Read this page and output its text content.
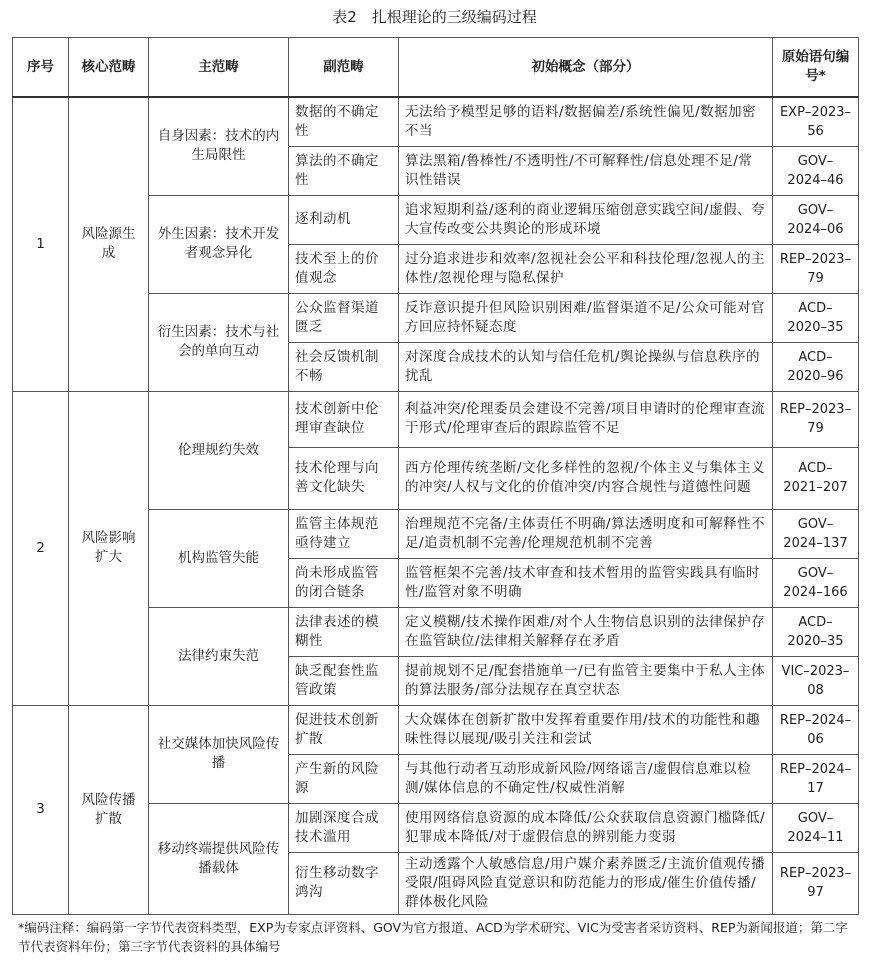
表2　扎根理论的三级编码过程
序号	核心范畴	主范畴	副范畴	初始概念（部分）	原始语句编号*
1	风险源生成	自身因素：技术的内生局限性	数据的不确定性	无法给予模型足够的语料/数据偏差/系统性偏见/数据加密不当	EXP–2023–56
			算法的不确定性	算法黑箱/鲁棒性/不透明性/不可解释性/信息处理不足/常识性错误	GOV–2024–46
		外生因素：技术开发者观念异化	逐利动机	追求短期利益/逐利的商业逻辑压缩创意实践空间/虚假、夸大宣传改变公共舆论的形成环境	GOV–2024–06
			技术至上的价值观念	过分追求进步和效率/忽视社会公平和科技伦理/忽视人的主体性/忽视伦理与隐私保护	REP–2023–79
		衍生因素：技术与社会的单向互动	公众监督渠道匮乏	反诈意识提升但风险识别困难/监督渠道不足/公众可能对官方回应持怀疑态度	ACD–2020–35
			社会反馈机制不畅	对深度合成技术的认知与信任危机/舆论操纵与信息秩序的扰乱	ACD–2020–96
2	风险影响扩大	伦理规约失效	技术创新中伦理审查缺位	利益冲突/伦理委员会建设不完善/项目申请时的伦理审查流于形式/伦理审查后的跟踪监管不足	REP–2023–79
			技术伦理与向善文化缺失	西方伦理传统垄断/文化多样性的忽视/个体主义与集体主义的冲突/人权与文化的价值冲突/内容合规性与道德性问题	ACD–2021–207
		机构监管失能	监管主体规范亟待建立	治理规范不完备/主体责任不明确/算法透明度和可解释性不足/追责机制不完善/伦理规范机制不完善	GOV–2024–137
			尚未形成监管的闭合链条	监管框架不完善/技术审查和技术暂用的监管实践具有临时性/监管对象不明确	GOV–2024–166
		法律约束失范	法律表述的模糊性	定义模糊/技术操作困难/对个人生物信息识别的法律保护存在监管缺位/法律相关解释存在矛盾	ACD–2020–35
			缺乏配套性监管政策	提前规划不足/配套措施单一/已有监管主要集中于私人主体的算法服务/部分法规存在真空状态	VIC–2023–08
3	风险传播扩散	社交媒体加快风险传播	促进技术创新扩散	大众媒体在创新扩散中发挥着重要作用/技术的功能性和趣味性得以展现/吸引关注和尝试	REP–2024–06
			产生新的风险源	与其他行动者互动形成新风险/网络谣言/虚假信息难以检测/媒体信息的不确定性/权威性消解	REP–2024–17
		移动终端提供风险传播载体	加剧深度合成技术滥用	使用网络信息资源的成本降低/公众获取信息资源门槛降低/犯罪成本降低/对于虚假信息的辨别能力变弱	GOV–2024–11
			衍生移动数字鸿沟	主动透露个人敏感信息/用户媒介素养匮乏/主流价值观传播受限/阻碍风险直觉意识和防范能力的形成/催生价值传播/群体极化风险	REP–2023–97
*编码注释：编码第一字节代表资料类型，EXP为专家点评资料、GOV为官方报道、ACD为学术研究、VIC为受害者采访资料、REP为新闻报道；第二字节代表资料年份；第三字节代表资料的具体编号
